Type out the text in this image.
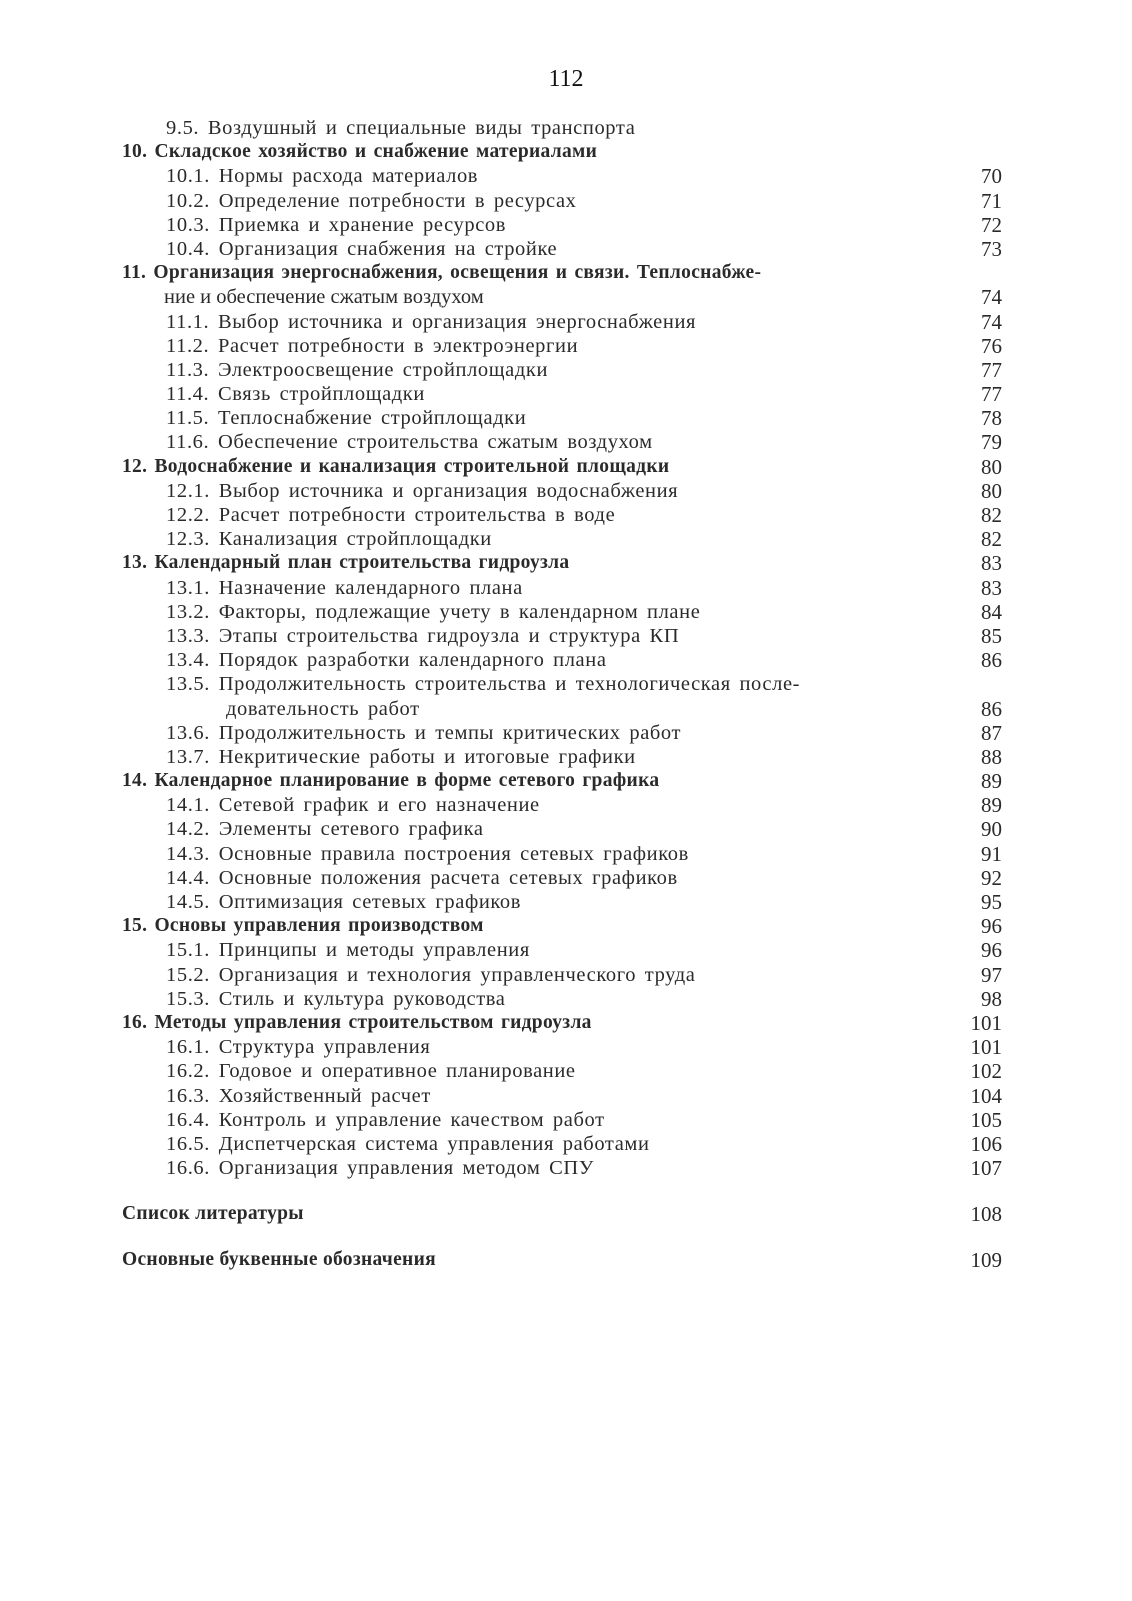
112
9.5. Воздушный и специальные виды транспорта
10. Складское хозяйство и снабжение материалами
10.1. Нормы расхода материалов	70
10.2. Определение потребности в ресурсах	71
10.3. Приемка и хранение ресурсов	72
10.4. Организация снабжения на стройке	73
11. Организация энергоснабжения, освещения и связи. Теплоснабже-
ние и обеспечение сжатым воздухом	74
11.1. Выбор источника и организация энергоснабжения	74
11.2. Расчет потребности в электроэнергии	76
11.3. Электроосвещение стройплощадки	77
11.4. Связь стройплощадки	77
11.5. Теплоснабжение стройплощадки	78
11.6. Обеспечение строительства сжатым воздухом	79
12. Водоснабжение и канализация строительной площадки	80
12.1. Выбор источника и организация водоснабжения	80
12.2. Расчет потребности строительства в воде	82
12.3. Канализация стройплощадки	82
13. Календарный план строительства гидроузла	83
13.1. Назначение календарного плана	83
13.2. Факторы, подлежащие учету в календарном плане	84
13.3. Этапы строительства гидроузла и структура КП	85
13.4. Порядок разработки календарного плана	86
13.5. Продолжительность строительства и технологическая после-
довательность работ	86
13.6. Продолжительность и темпы критических работ	87
13.7. Некритические работы и итоговые графики	88
14. Календарное планирование в форме сетевого графика	89
14.1. Сетевой график и его назначение	89
14.2. Элементы сетевого графика	90
14.3. Основные правила построения сетевых графиков	91
14.4. Основные положения расчета сетевых графиков	92
14.5. Оптимизация сетевых графиков	95
15. Основы управления производством	96
15.1. Принципы и методы управления	96
15.2. Организация и технология управленческого труда	97
15.3. Стиль и культура руководства	98
16. Методы управления строительством гидроузла	101
16.1. Структура управления	101
16.2. Годовое и оперативное планирование	102
16.3. Хозяйственный расчет	104
16.4. Контроль и управление качеством работ	105
16.5. Диспетчерская система управления работами	106
16.6. Организация управления методом СПУ	107
Список литературы	108
Основные буквенные обозначения	109
